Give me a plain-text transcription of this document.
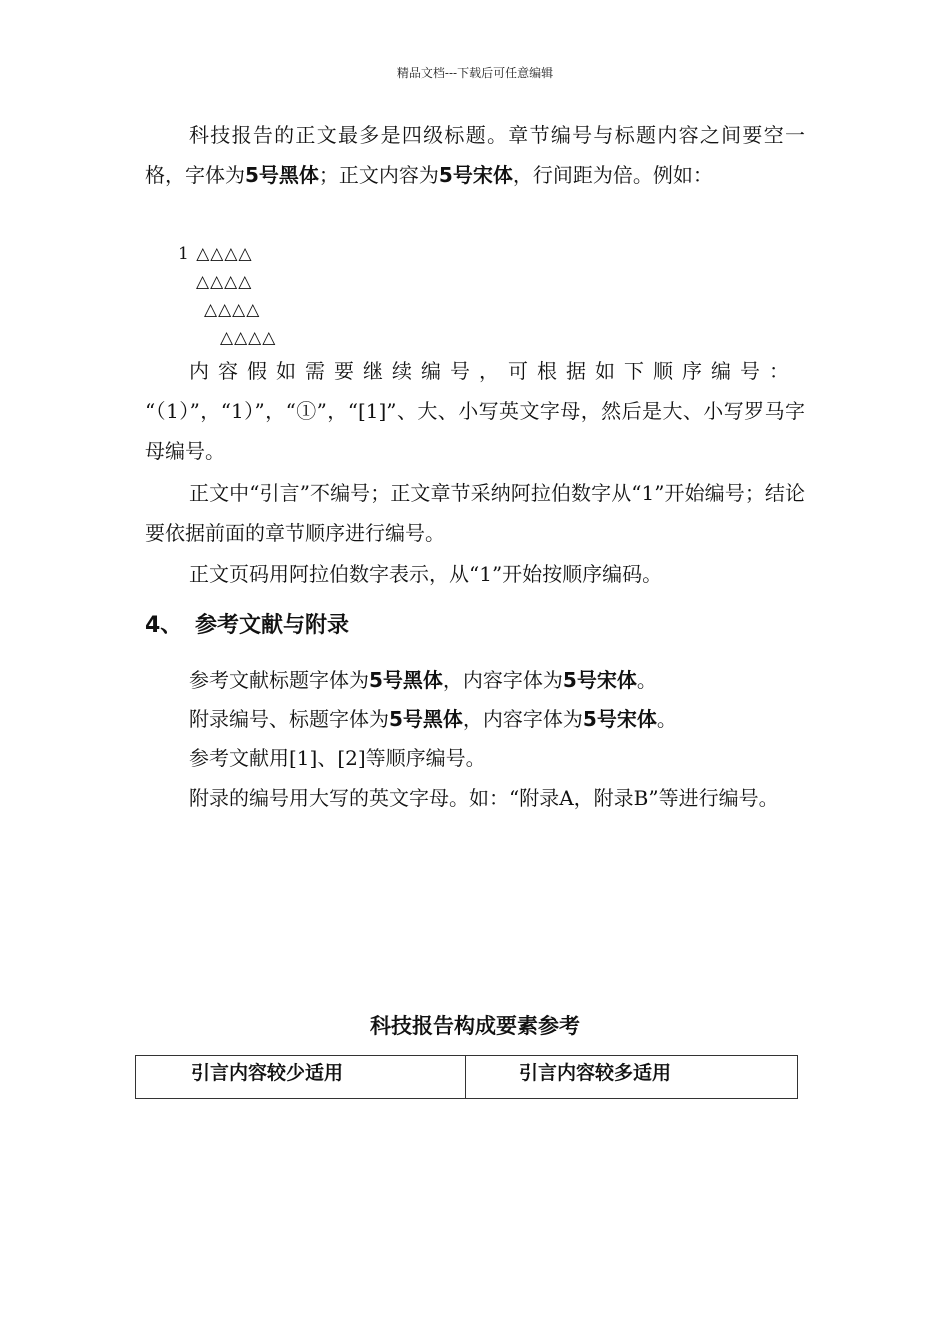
精品文档---下载后可任意编辑
科技报告的正文最多是四级标题。章节编号与标题内容之间要空一格，字体为5号黑体；正文内容为5号宋体，行间距为倍。例如：
1 △△△△
△△△△
△△△△
△△△△
内容假如需要继续编号，可根据如下顺序编号：
“（1）”，“1）”，“①”，“[1]”、大、小写英文字母，然后是大、小写罗马字母编号。
正文中“引言”不编号；正文章节采纳阿拉伯数字从“1”开始编号；结论要依据前面的章节顺序进行编号。
正文页码用阿拉伯数字表示，从“1”开始按顺序编码。
4、 参考文献与附录
参考文献标题字体为5号黑体，内容字体为5号宋体。
附录编号、标题字体为5号黑体，内容字体为5号宋体。
参考文献用[1]、[2]等顺序编号。
附录的编号用大写的英文字母。如：“附录A，附录B”等进行编号。
科技报告构成要素参考
引言内容较少适用	引言内容较多适用
